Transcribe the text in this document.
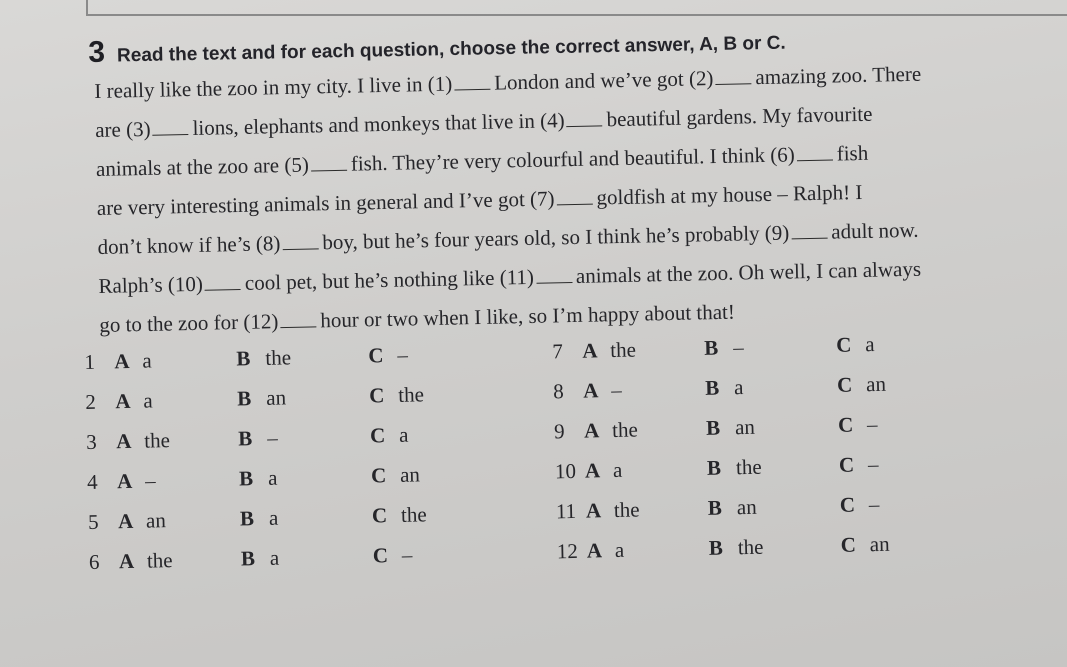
3 Read the text and for each question, choose the correct answer, A, B or C.
I really like the zoo in my city. I live in (1) London and we’ve got (2) amazing zoo. There
are (3) lions, elephants and monkeys that live in (4) beautiful gardens. My favourite
animals at the zoo are (5) fish. They’re very colourful and beautiful. I think (6) fish
are very interesting animals in general and I’ve got (7) goldfish at my house – Ralph! I
don’t know if he’s (8) boy, but he’s four years old, so I think he’s probably (9) adult now.
Ralph’s (10) cool pet, but he’s nothing like (11) animals at the zoo. Oh well, I can always
go to the zoo for (12) hour or two when I like, so I’m happy about that!
1 A a	B the	C –
2 A a	B an	C the
3 A the	B –	C a
4 A –	B a	C an
5 A an	B a	C the
6 A the	B a	C –
7 A the	B –	C a
8 A –	B a	C an
9 A the	B an	C –
10 A a	B the	C –
11 A the	B an	C –
12 A a	B the	C an
